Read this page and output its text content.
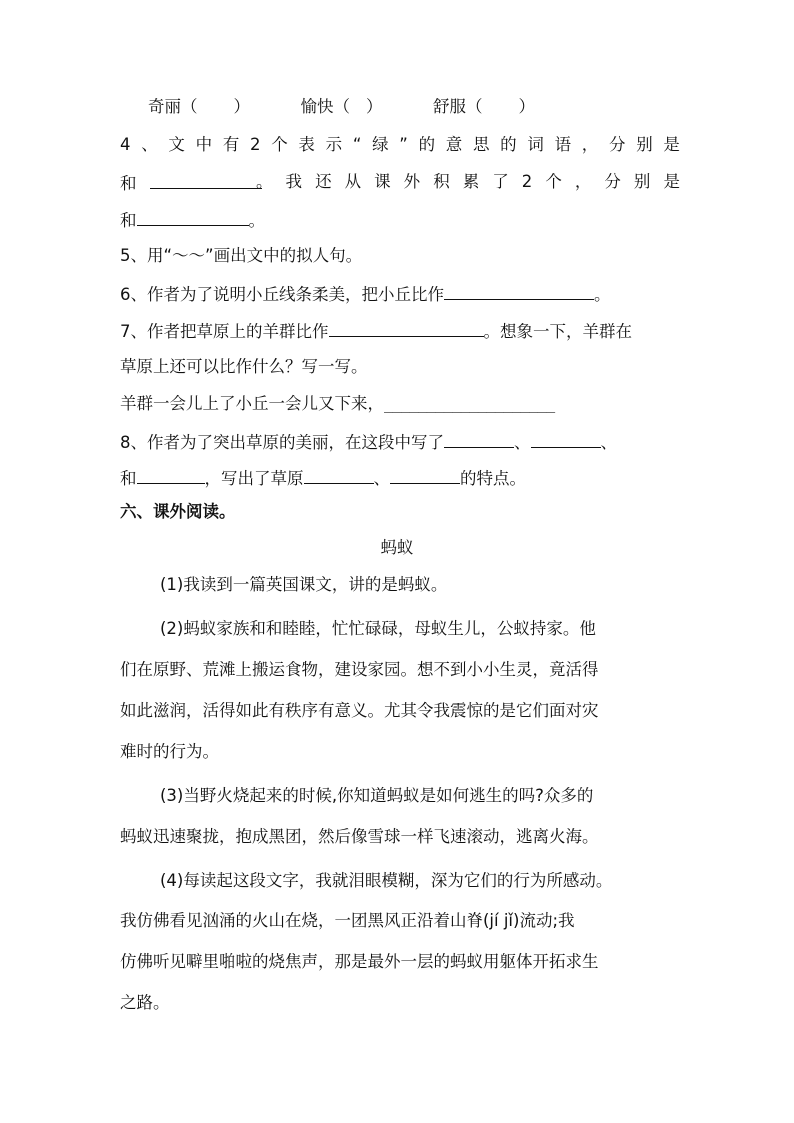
奇丽（ ）	愉快（ ）	舒服（ ）
4 、 文 中 有 2 个 表 示 “ 绿 ” 的 意 思 的 词 语 ， 分 别 是
和	。 我 还 从 课 外 积 累 了 2 个 ， 分 别 是
和	。
5、用“～～”画出文中的拟人句。
6、作者为了说明小丘线条柔美，把小丘比作	。
7、作者把草原上的羊群比作	。想象一下，羊群在
草原上还可以比作什么？写一写。
羊群一会儿上了小丘一会儿又下来，____________________
8、作者为了突出草原的美丽，在这段中写了	、	、
和	，写出了草原	、	的特点。
六、课外阅读。
蚂蚁
(1)我读到一篇英国课文，讲的是蚂蚁。
(2)蚂蚁家族和和睦睦，忙忙碌碌，母蚁生儿，公蚁持家。他
们在原野、荒滩上搬运食物，建设家园。想不到小小生灵，竟活得
如此滋润，活得如此有秩序有意义。尤其令我震惊的是它们面对灾
难时的行为。
(3)当野火烧起来的时候,你知道蚂蚁是如何逃生的吗?众多的
蚂蚁迅速聚拢，抱成黑团，然后像雪球一样飞速滚动，逃离火海。
(4)每读起这段文字，我就泪眼模糊，深为它们的行为所感动。
我仿佛看见汹涌的火山在烧，一团黑风正沿着山脊(jí jǐ)流动;我
仿佛听见噼里啪啦的烧焦声，那是最外一层的蚂蚁用躯体开拓求生
之路。
